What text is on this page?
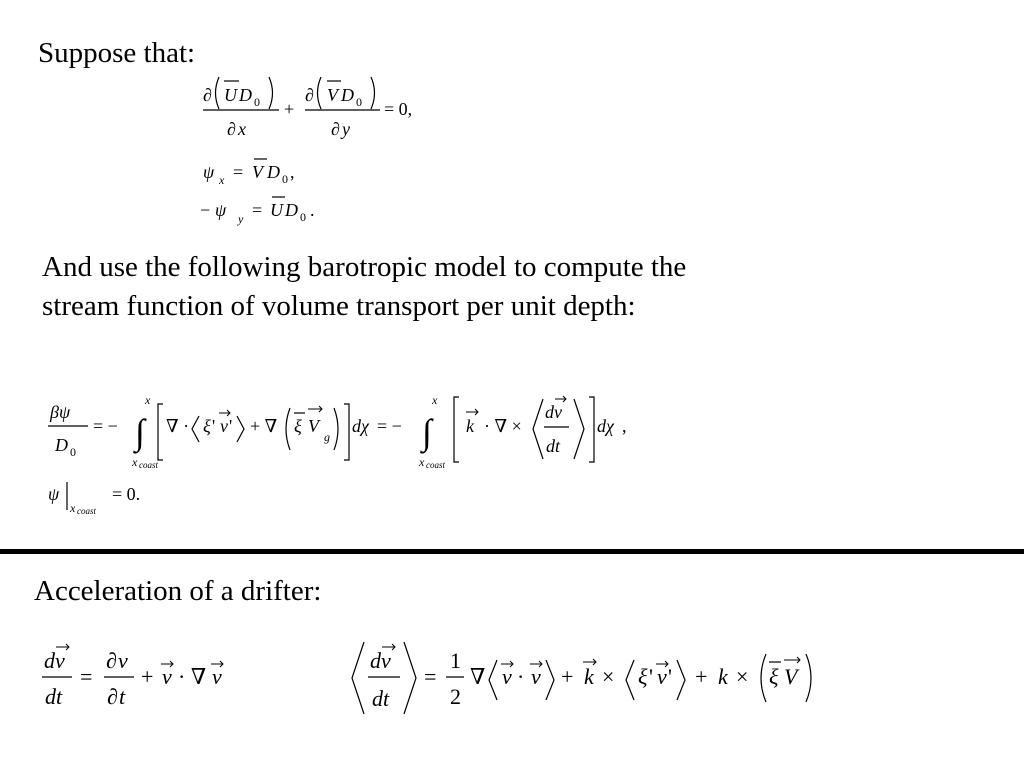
Suppose that:
And use the following barotropic model to compute the
stream function of volume transport per unit depth:
Acceleration of a drifter:
∂ U D 0
∂ x
+
∂ V D 0
∂ y
= 0,
ψ x = V D 0 ,
− ψ y = U D 0 .
βψ
D 0
= −
x
∫
x coast
∇ · ξ ' v ' + ∇ ξ V
g
dχ = −
x
∫
x coast
k · ∇ ×
dv
dt
dχ ,
ψ
x coast
= 0.
dv
dt
=
∂ v
∂ t
+ v · ∇ v
dv
dt
=
1
2
∇ v · v + k × ξ ' v ' + k × ξ V
